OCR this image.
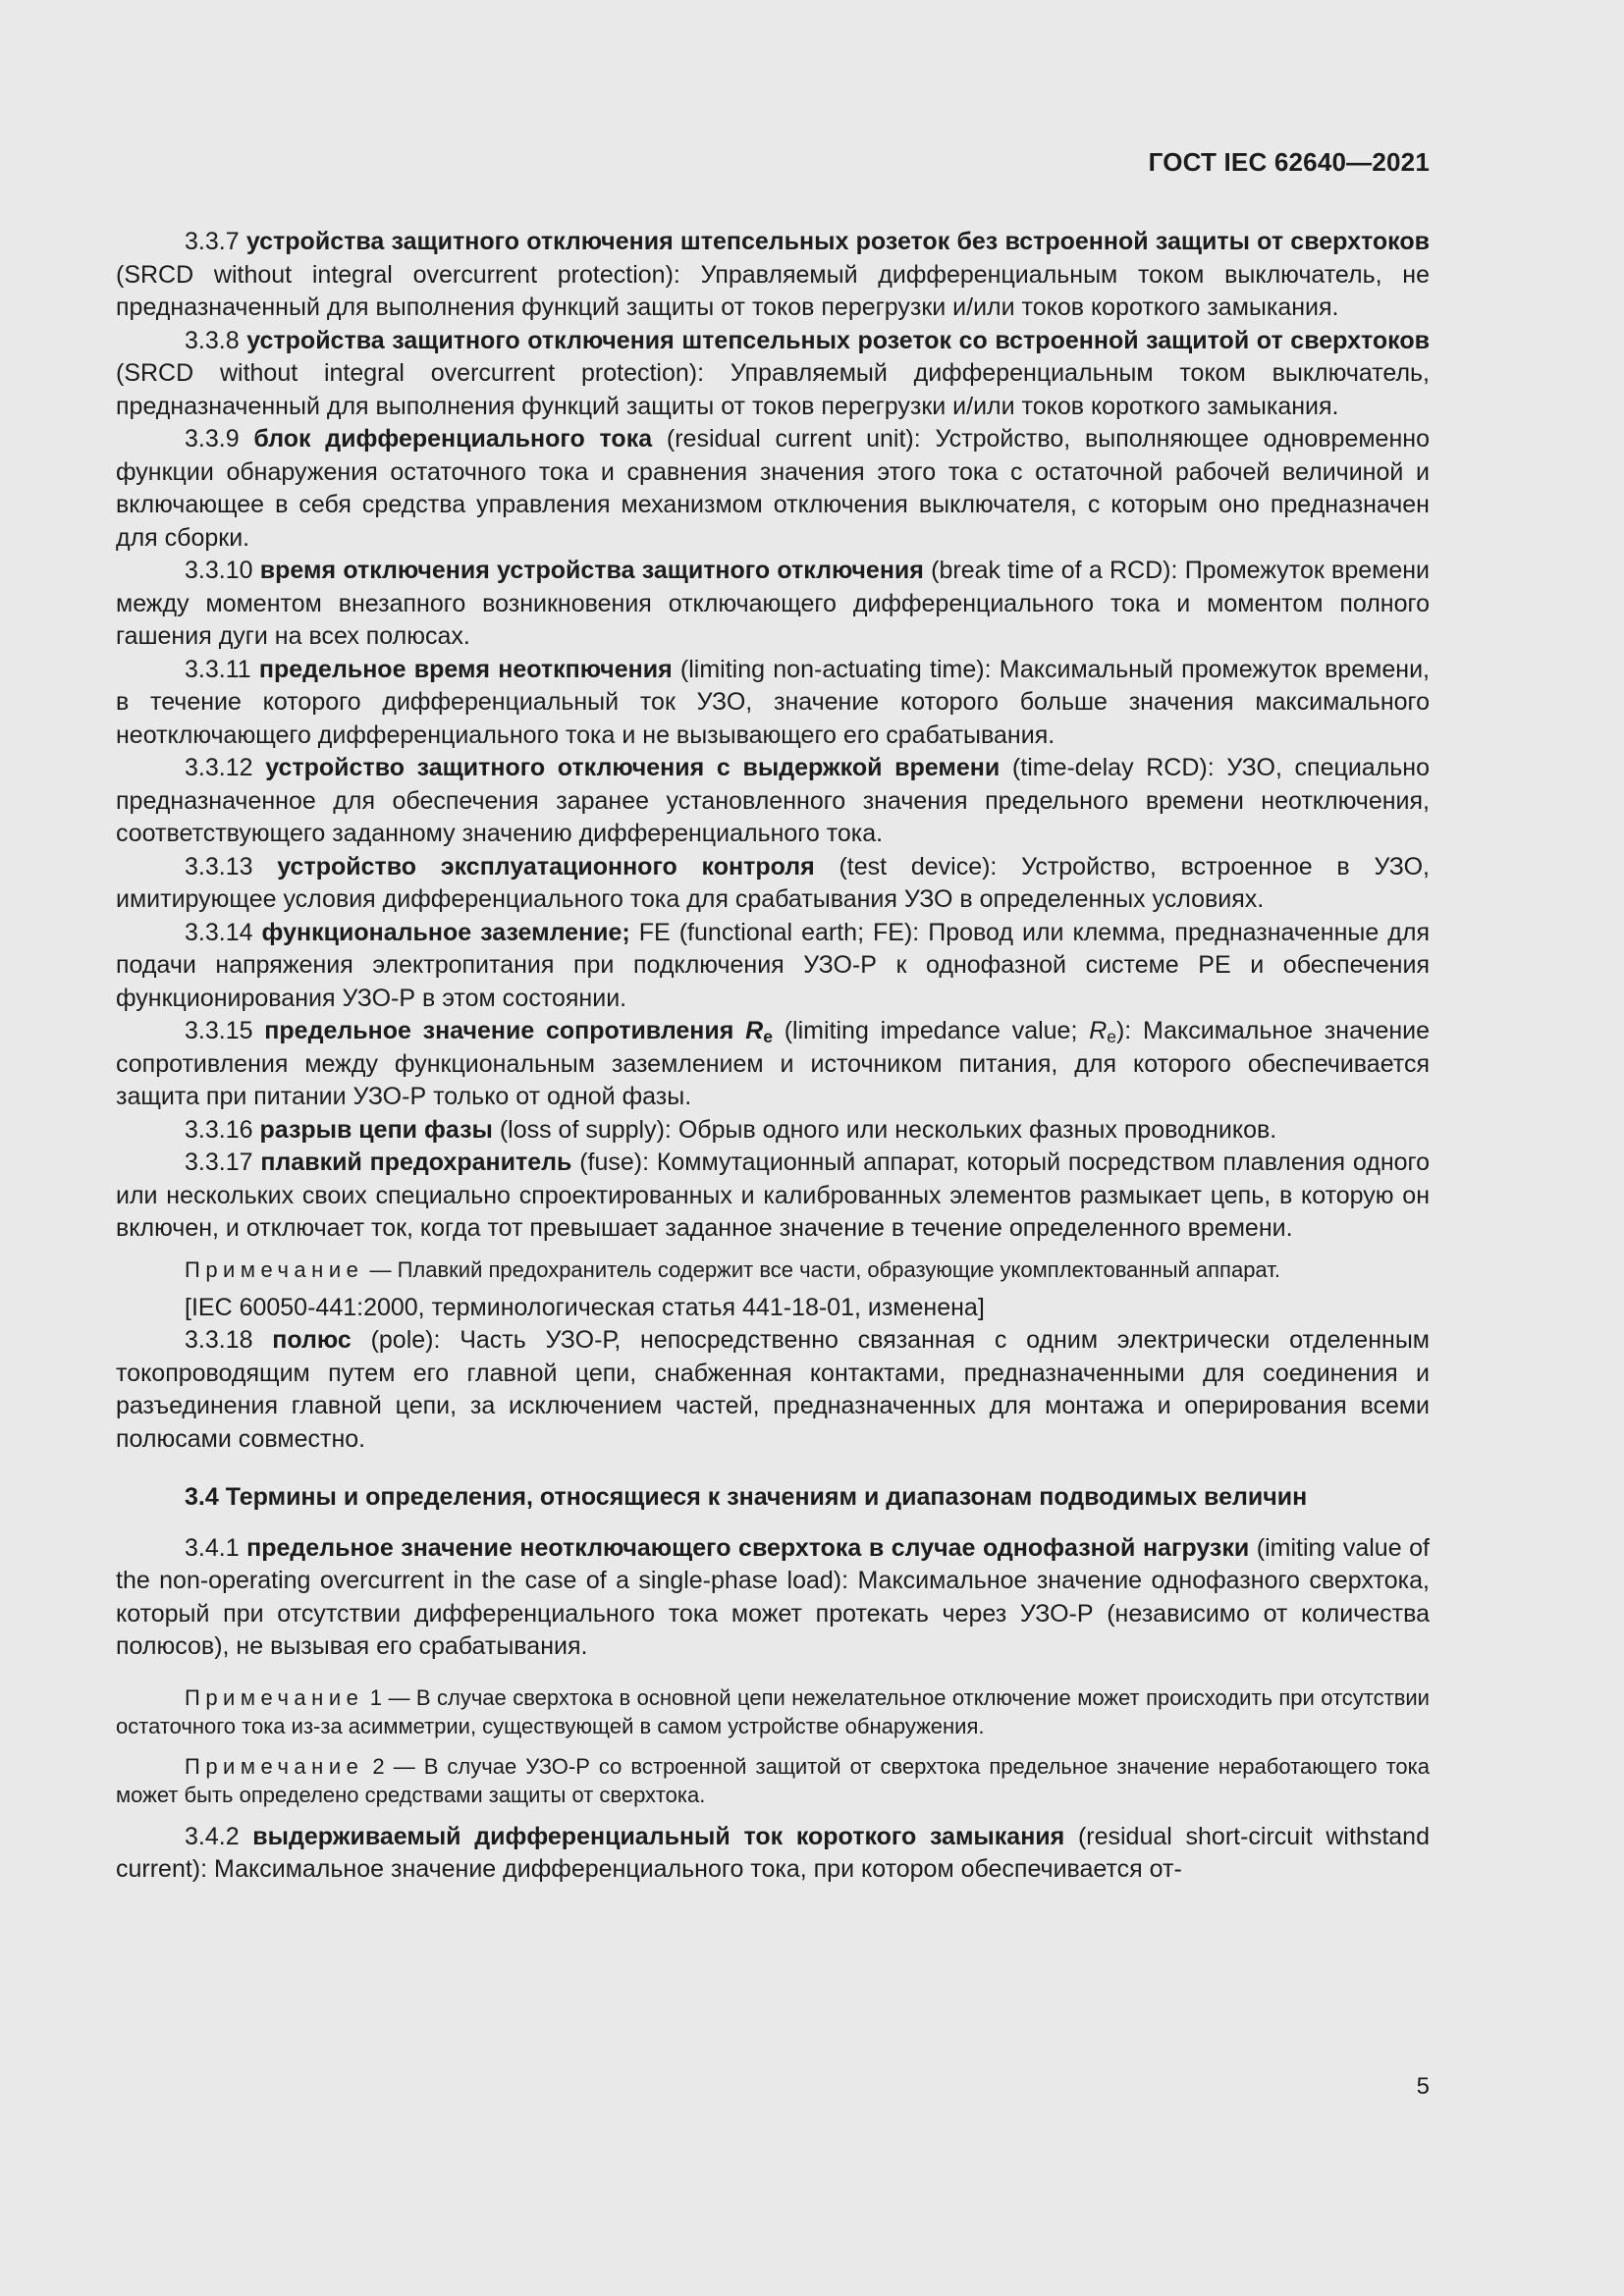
ГОСТ IEC 62640—2021

3.3.7 устройства защитного отключения штепсельных розеток без встроенной защиты от сверхтоков (SRCD without integral overcurrent protection): Управляемый дифференциальным током выключатель, не предназначенный для выполнения функций защиты от токов перегрузки и/или токов короткого замыкания.

3.3.8 устройства защитного отключения штепсельных розеток со встроенной защитой от сверхтоков (SRCD without integral overcurrent protection): Управляемый дифференциальным током выключатель, предназначенный для выполнения функций защиты от токов перегрузки и/или токов короткого замыкания.

3.3.9 блок дифференциального тока (residual current unit): Устройство, выполняющее одновременно функции обнаружения остаточного тока и сравнения значения этого тока с остаточной рабочей величиной и включающее в себя средства управления механизмом отключения выключателя, с которым оно предназначен для сборки.

3.3.10 время отключения устройства защитного отключения (break time of a RCD): Промежуток времени между моментом внезапного возникновения отключающего дифференциального тока и моментом полного гашения дуги на всех полюсах.

3.3.11 предельное время неоткпючения (limiting non-actuating time): Максимальный промежуток времени, в течение которого дифференциальный ток УЗО, значение которого больше значения максимального неотключающего дифференциального тока и не вызывающего его срабатывания.

3.3.12 устройство защитного отключения с выдержкой времени (time-delay RCD): УЗО, специально предназначенное для обеспечения заранее установленного значения предельного времени неотключения, соответствующего заданному значению дифференциального тока.

3.3.13 устройство эксплуатационного контроля (test device): Устройство, встроенное в УЗО, имитирующее условия дифференциального тока для срабатывания УЗО в определенных условиях.

3.3.14 функциональное заземление; FE (functional earth; FE): Провод или клемма, предназначенные для подачи напряжения электропитания при подключения УЗО-Р к однофазной системе РЕ и обеспечения функционирования УЗО-Р в этом состоянии.

3.3.15 предельное значение сопротивления $R_e$ (limiting impedance value; $R_e$): Максимальное значение сопротивления между функциональным заземлением и источником питания, для которого обеспечивается защита при питании УЗО-Р только от одной фазы.

3.3.16 разрыв цепи фазы (loss of supply): Обрыв одного или нескольких фазных проводников.

3.3.17 плавкий предохранитель (fuse): Коммутационный аппарат, который посредством плавления одного или нескольких своих специально спроектированных и калиброванных элементов размыкает цепь, в которую он включен, и отключает ток, когда тот превышает заданное значение в течение определенного времени.

Примечание — Плавкий предохранитель содержит все части, образующие укомплектованный аппарат.

[IEC 60050-441:2000, терминологическая статья 441-18-01, изменена]

3.3.18 полюс (pole): Часть УЗО-Р, непосредственно связанная с одним электрически отделенным токопроводящим путем его главной цепи, снабженная контактами, предназначенными для соединения и разъединения главной цепи, за исключением частей, предназначенных для монтажа и оперирования всеми полюсами совместно.

3.4 Термины и определения, относящиеся к значениям и диапазонам подводимых величин

3.4.1 предельное значение неотключающего сверхтока в случае однофазной нагрузки (imiting value of the non-operating overcurrent in the case of a single-phase load): Максимальное значение однофазного сверхтока, который при отсутствии дифференциального тока может протекать через УЗО-Р (независимо от количества полюсов), не вызывая его срабатывания.

Примечание 1 — В случае сверхтока в основной цепи нежелательное отключение может происходить при отсутствии остаточного тока из-за асимметрии, существующей в самом устройстве обнаружения.

Примечание 2 — В случае УЗО-Р со встроенной защитой от сверхтока предельное значение неработающего тока может быть определено средствами защиты от сверхтока.

3.4.2 выдерживаемый дифференциальный ток короткого замыкания (residual short-circuit withstand current): Максимальное значение дифференциального тока, при котором обеспечивается от-

5
